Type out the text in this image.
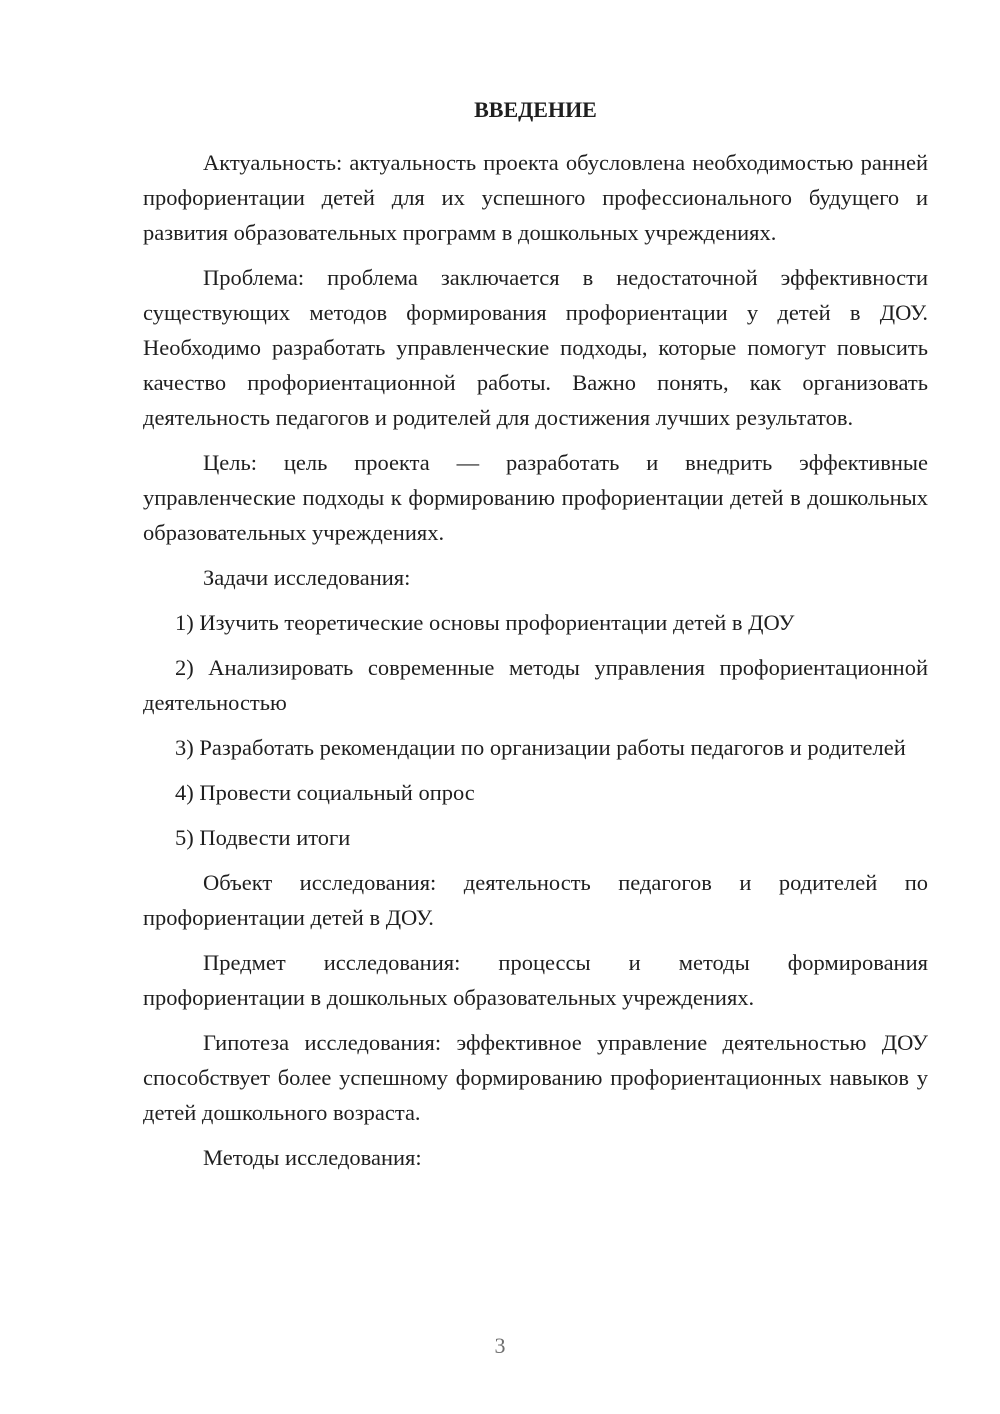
ВВЕДЕНИЕ

Актуальность: актуальность проекта обусловлена необходимостью ранней профориентации детей для их успешного профессионального будущего и развития образовательных программ в дошкольных учреждениях.

Проблема: проблема заключается в недостаточной эффективности существующих методов формирования профориентации у детей в ДОУ. Необходимо разработать управленческие подходы, которые помогут повысить качество профориентационной работы. Важно понять, как организовать деятельность педагогов и родителей для достижения лучших результатов.

Цель: цель проекта — разработать и внедрить эффективные управленческие подходы к формированию профориентации детей в дошкольных образовательных учреждениях.

Задачи исследования:

1) Изучить теоретические основы профориентации детей в ДОУ

2) Анализировать современные методы управления профориентационной деятельностью

3) Разработать рекомендации по организации работы педагогов и родителей

4) Провести социальный опрос

5) Подвести итоги

Объект исследования: деятельность педагогов и родителей по профориентации детей в ДОУ.

Предмет исследования: процессы и методы формирования профориентации в дошкольных образовательных учреждениях.

Гипотеза исследования: эффективное управление деятельностью ДОУ способствует более успешному формированию профориентационных навыков у детей дошкольного возраста.

Методы исследования:

3
